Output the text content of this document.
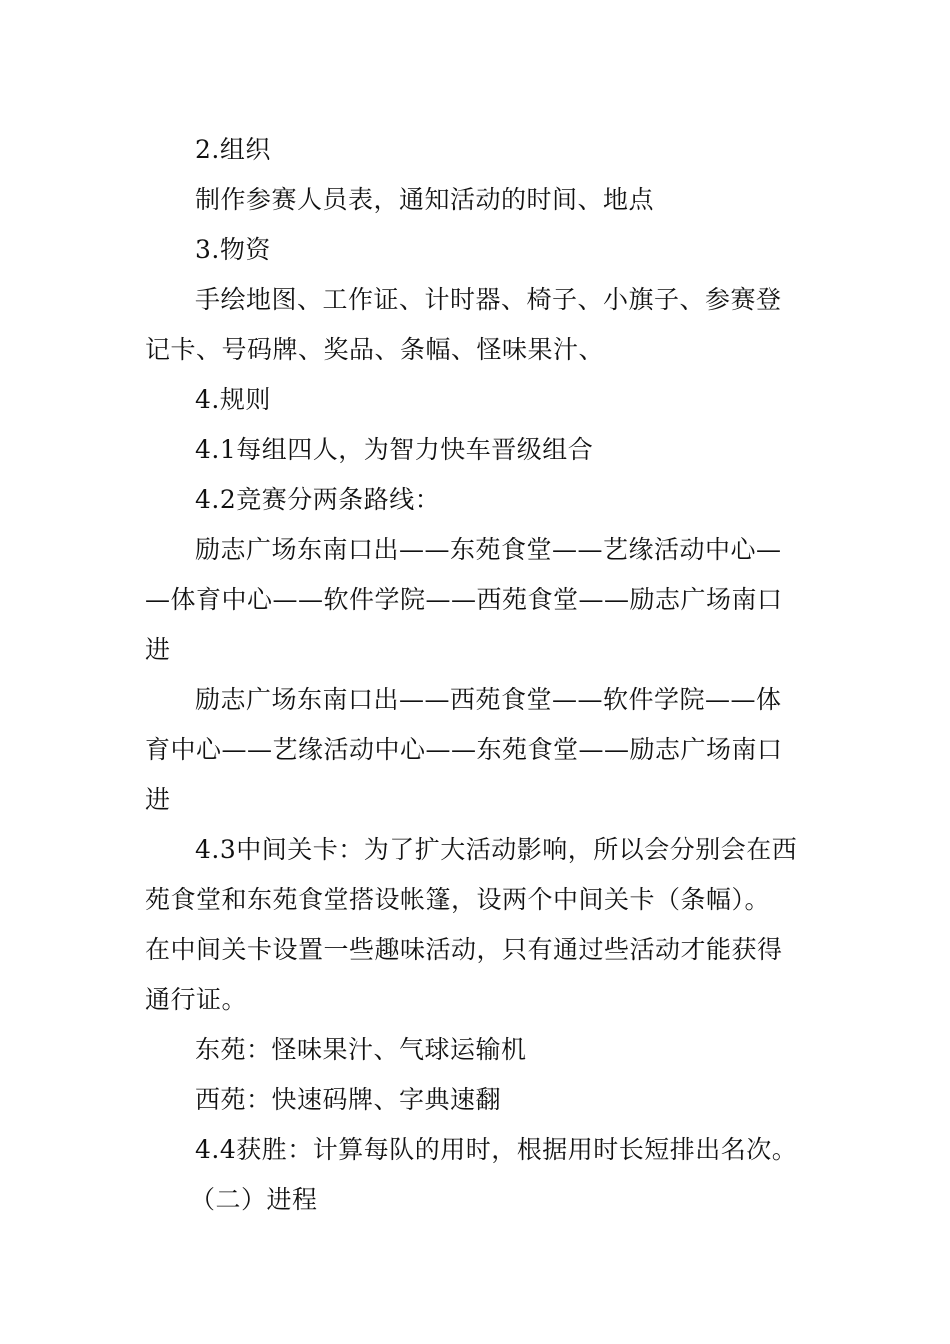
2.组织
制作参赛人员表，通知活动的时间、地点
3.物资
手绘地图、工作证、计时器、椅子、小旗子、参赛登
记卡、号码牌、奖品、条幅、怪味果汁、
4.规则
4.1每组四人，为智力快车晋级组合
4.2竞赛分两条路线：
励志广场东南口出——东苑食堂——艺缘活动中心—
—体育中心——软件学院——西苑食堂——励志广场南口
进
励志广场东南口出——西苑食堂——软件学院——体
育中心——艺缘活动中心——东苑食堂——励志广场南口
进
4.3中间关卡：为了扩大活动影响，所以会分别会在西
苑食堂和东苑食堂搭设帐篷，设两个中间关卡（条幅）。
在中间关卡设置一些趣味活动，只有通过些活动才能获得
通行证。
东苑：怪味果汁、气球运输机
西苑：快速码牌、字典速翻
4.4获胜：计算每队的用时，根据用时长短排出名次。
（二）进程
